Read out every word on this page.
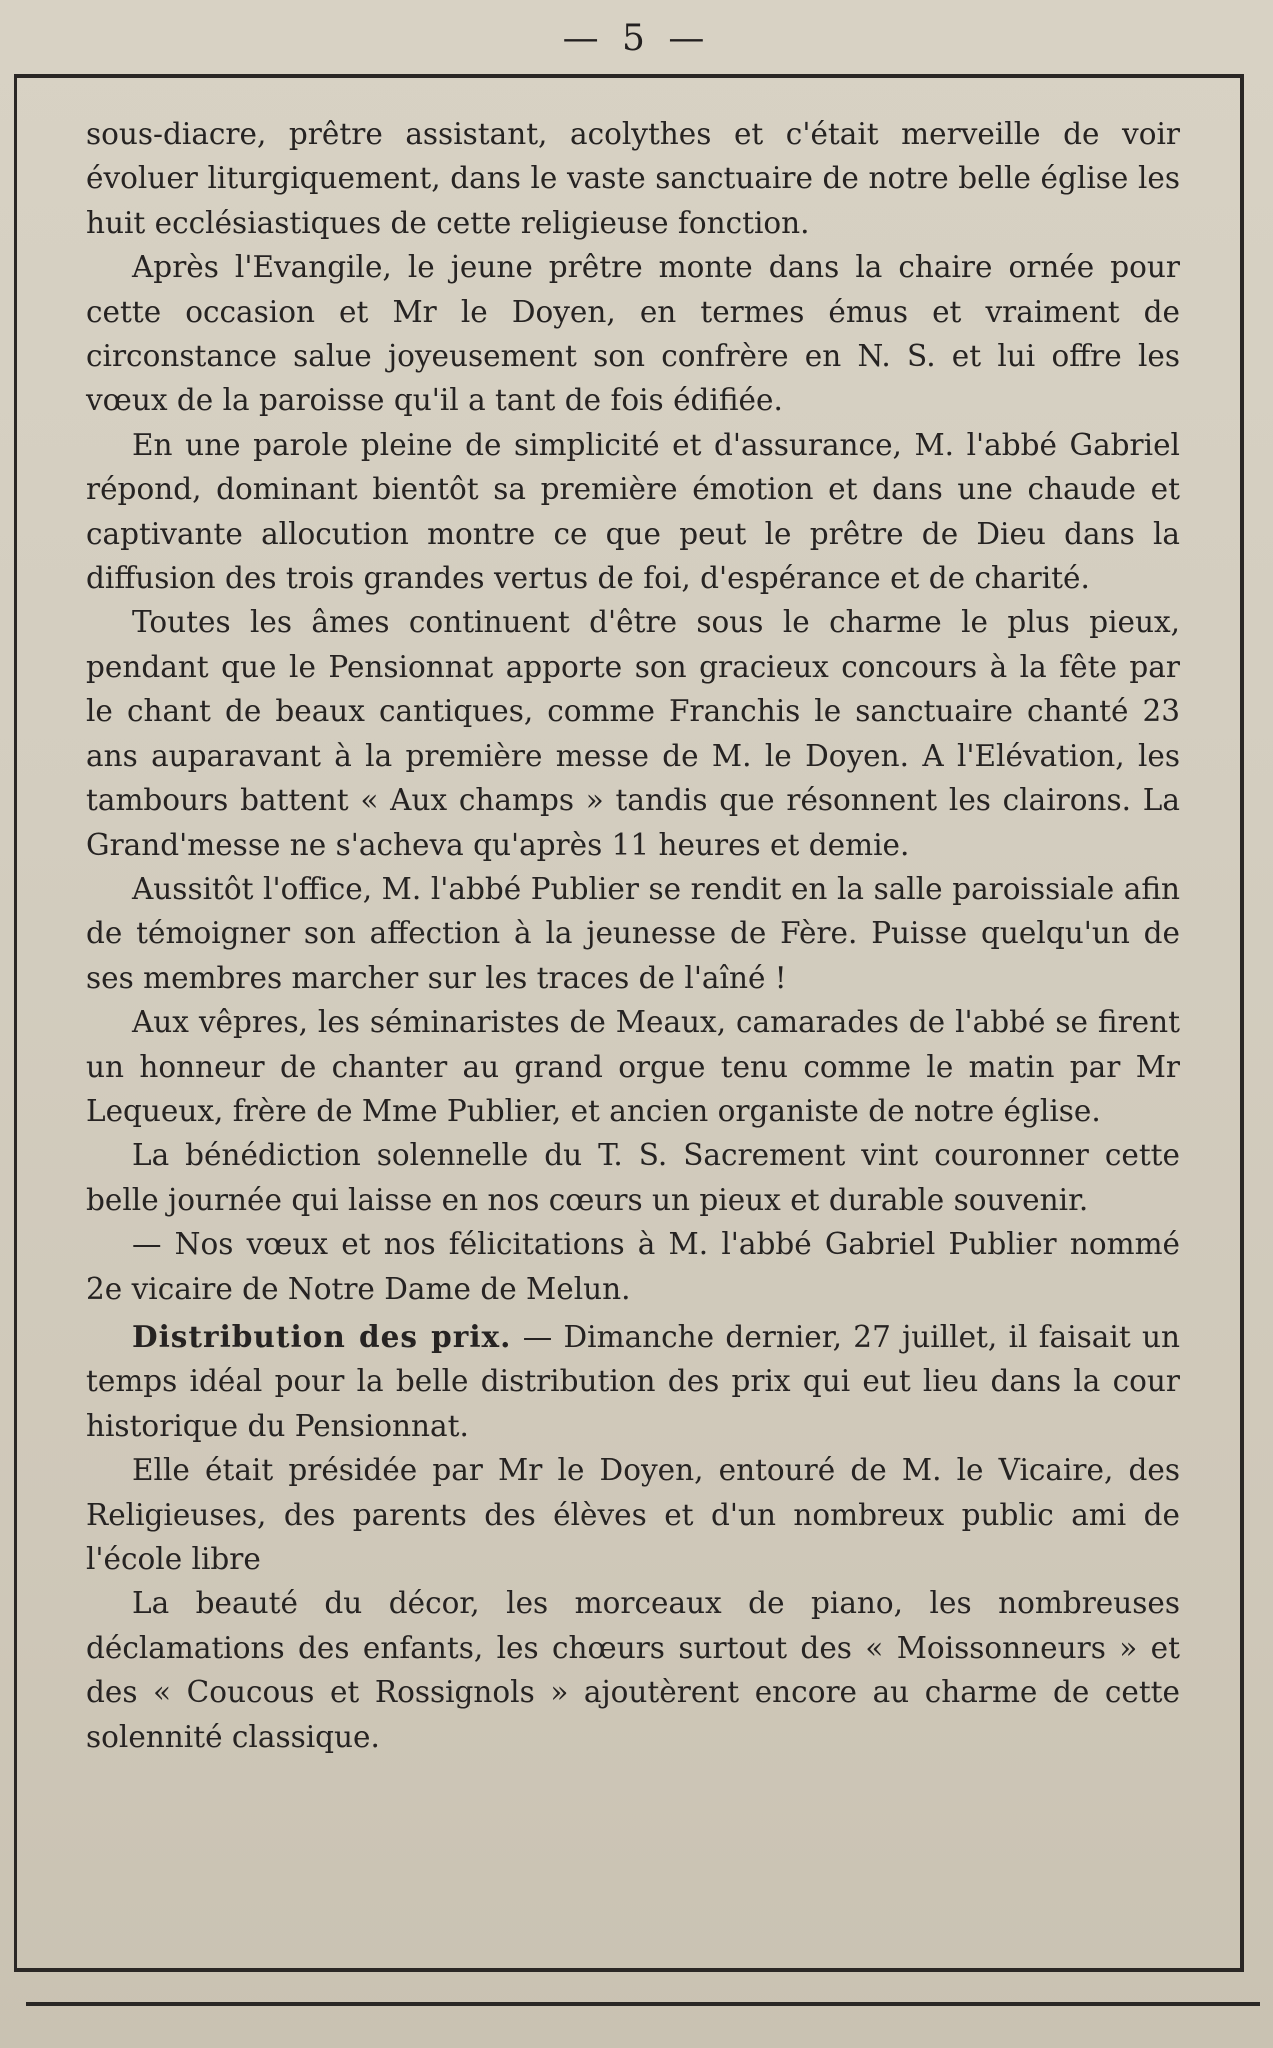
— 5 —

sous-diacre, prêtre assistant, acolythes et c'était merveille de voir évoluer liturgiquement, dans le vaste sanctuaire de notre belle église les huit ecclésiastiques de cette religieuse fonction.

Après l'Evangile, le jeune prêtre monte dans la chaire ornée pour cette occasion et Mr le Doyen, en termes émus et vraiment de circonstance salue joyeusement son confrère en N. S. et lui offre les vœux de la paroisse qu'il a tant de fois édifiée.

En une parole pleine de simplicité et d'assurance, M. l'abbé Gabriel répond, dominant bientôt sa première émotion et dans une chaude et captivante allocution montre ce que peut le prêtre de Dieu dans la diffusion des trois grandes vertus de foi, d'espérance et de charité.

Toutes les âmes continuent d'être sous le charme le plus pieux, pendant que le Pensionnat apporte son gracieux concours à la fête par le chant de beaux cantiques, comme Franchis le sanctuaire chanté 23 ans auparavant à la première messe de M. le Doyen. A l'Elévation, les tambours battent « Aux champs » tandis que résonnent les clairons. La Grand'messe ne s'acheva qu'après 11 heures et demie.

Aussitôt l'office, M. l'abbé Publier se rendit en la salle paroissiale afin de témoigner son affection à la jeunesse de Fère. Puisse quelqu'un de ses membres marcher sur les traces de l'aîné !

Aux vêpres, les séminaristes de Meaux, camarades de l'abbé se firent un honneur de chanter au grand orgue tenu comme le matin par Mr Lequeux, frère de Mme Publier, et ancien organiste de notre église.

La bénédiction solennelle du T. S. Sacrement vint couronner cette belle journée qui laisse en nos cœurs un pieux et durable souvenir.

— Nos vœux et nos félicitations à M. l'abbé Gabriel Publier nommé 2e vicaire de Notre Dame de Melun.

Distribution des prix. — Dimanche dernier, 27 juillet, il faisait un temps idéal pour la belle distribution des prix qui eut lieu dans la cour historique du Pensionnat.

Elle était présidée par Mr le Doyen, entouré de M. le Vicaire, des Religieuses, des parents des élèves et d'un nombreux public ami de l'école libre

La beauté du décor, les morceaux de piano, les nombreuses déclamations des enfants, les chœurs surtout des « Moissonneurs » et des « Coucous et Rossignols » ajoutèrent encore au charme de cette solennité classique.
